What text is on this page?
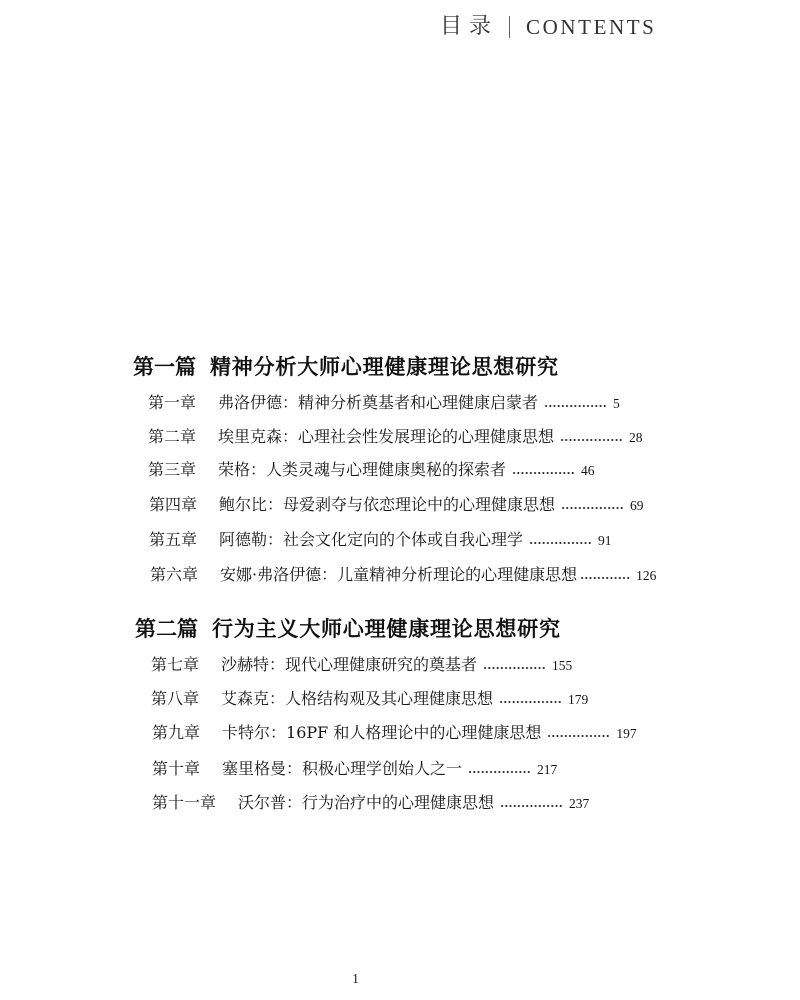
目 录 CONTENTS
第一篇 精神分析大师心理健康理论思想研究
第一章 弗洛伊德：精神分析奠基者和心理健康启蒙者	5
第二章 埃里克森：心理社会性发展理论的心理健康思想	28
第三章 荣格：人类灵魂与心理健康奥秘的探索者	46
第四章 鲍尔比：母爱剥夺与依恋理论中的心理健康思想	69
第五章 阿德勒：社会文化定向的个体或自我心理学	91
第六章 安娜·弗洛伊德：儿童精神分析理论的心理健康思想	126
第二篇 行为主义大师心理健康理论思想研究
第七章 沙赫特：现代心理健康研究的奠基者	155
第八章 艾森克：人格结构观及其心理健康思想	179
第九章 卡特尔：16PF 和人格理论中的心理健康思想	197
第十章 塞里格曼：积极心理学创始人之一	217
第十一章 沃尔普：行为治疗中的心理健康思想	237
1
